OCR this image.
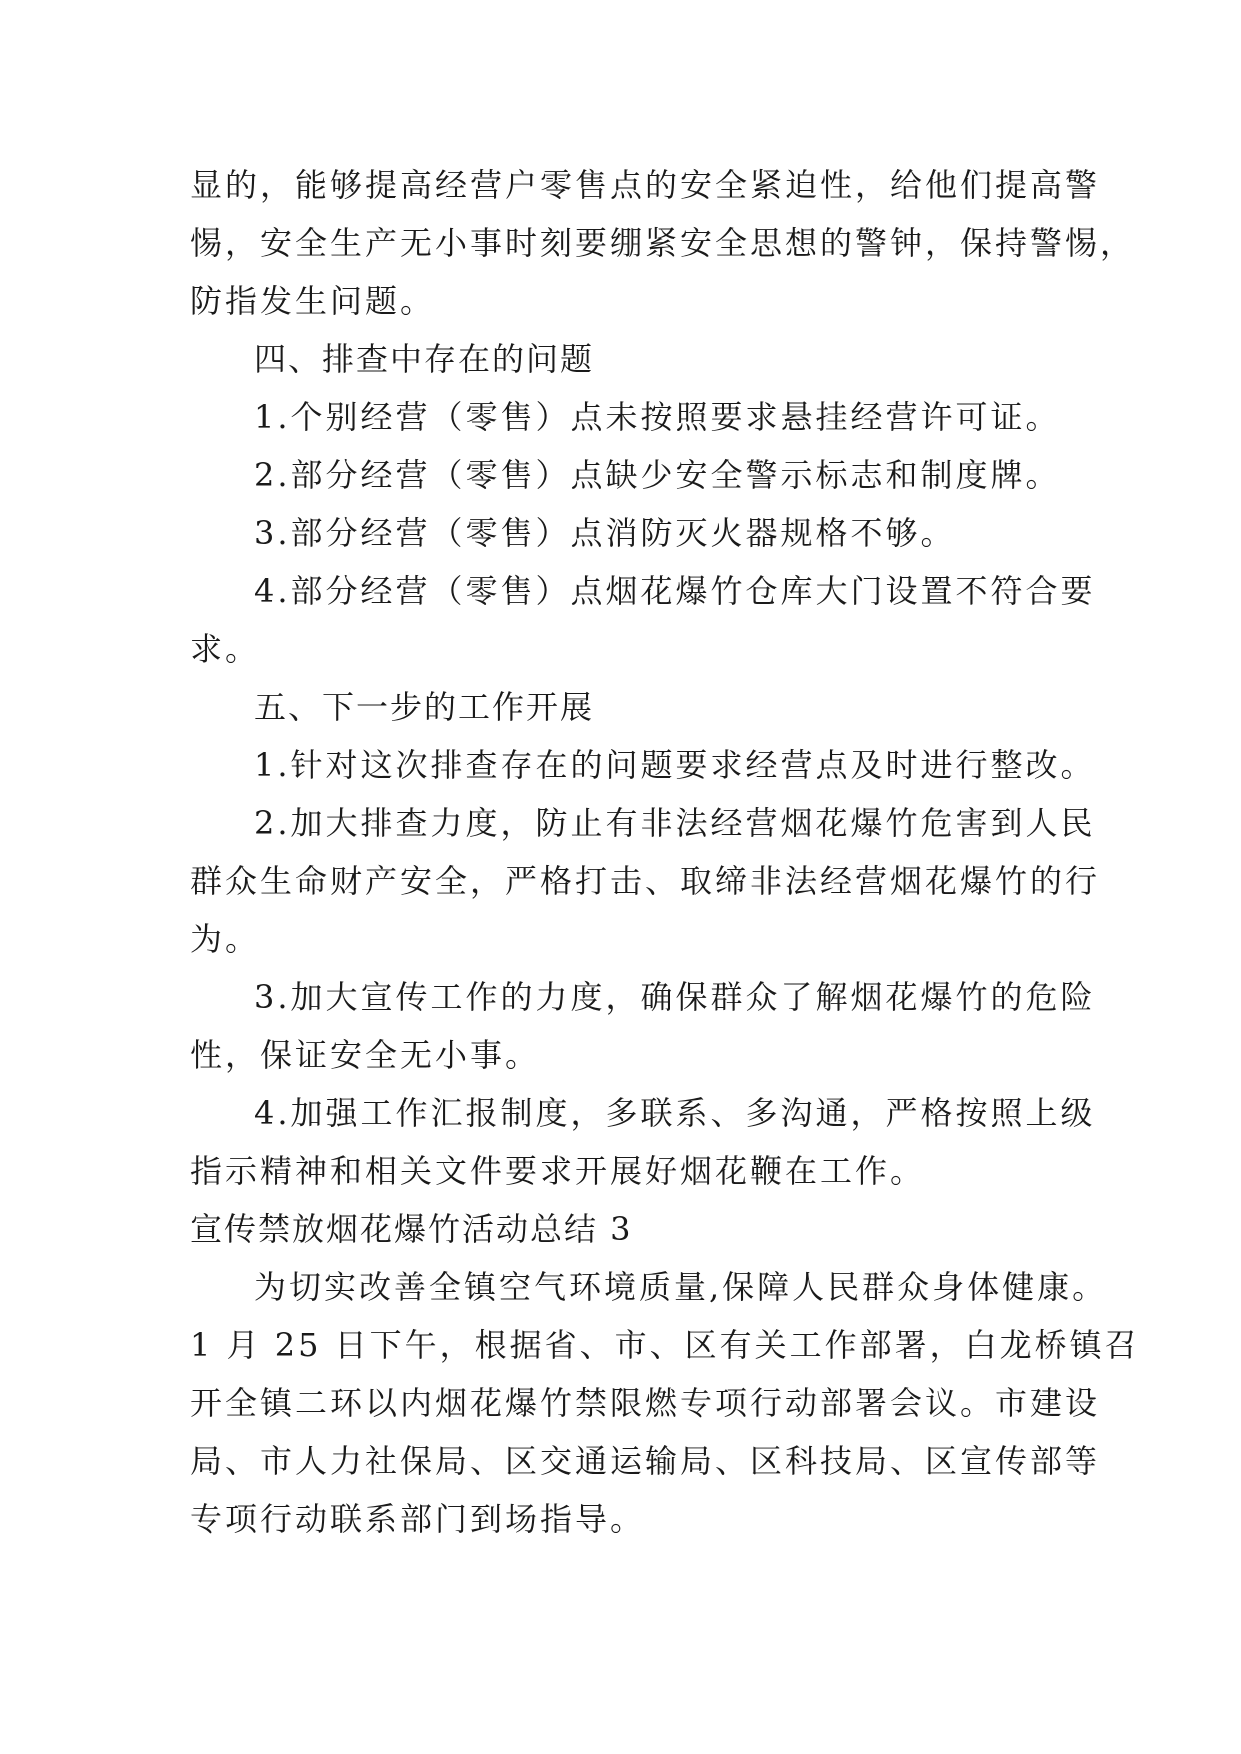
显的，能够提高经营户零售点的安全紧迫性，给他们提高警
惕，安全生产无小事时刻要绷紧安全思想的警钟，保持警惕，
防指发生问题。
四、排查中存在的问题
1.个别经营（零售）点未按照要求悬挂经营许可证。
2.部分经营（零售）点缺少安全警示标志和制度牌。
3.部分经营（零售）点消防灭火器规格不够。
4.部分经营（零售）点烟花爆竹仓库大门设置不符合要
求。
五、下一步的工作开展
1.针对这次排查存在的问题要求经营点及时进行整改。
2.加大排查力度，防止有非法经营烟花爆竹危害到人民
群众生命财产安全，严格打击、取缔非法经营烟花爆竹的行
为。
3.加大宣传工作的力度，确保群众了解烟花爆竹的危险
性，保证安全无小事。
4.加强工作汇报制度，多联系、多沟通，严格按照上级
指示精神和相关文件要求开展好烟花鞭在工作。
宣传禁放烟花爆竹活动总结 3
为切实改善全镇空气环境质量,保障人民群众身体健康。
1 月 25 日下午，根据省、市、区有关工作部署，白龙桥镇召
开全镇二环以内烟花爆竹禁限燃专项行动部署会议。市建设
局、市人力社保局、区交通运输局、区科技局、区宣传部等
专项行动联系部门到场指导。
